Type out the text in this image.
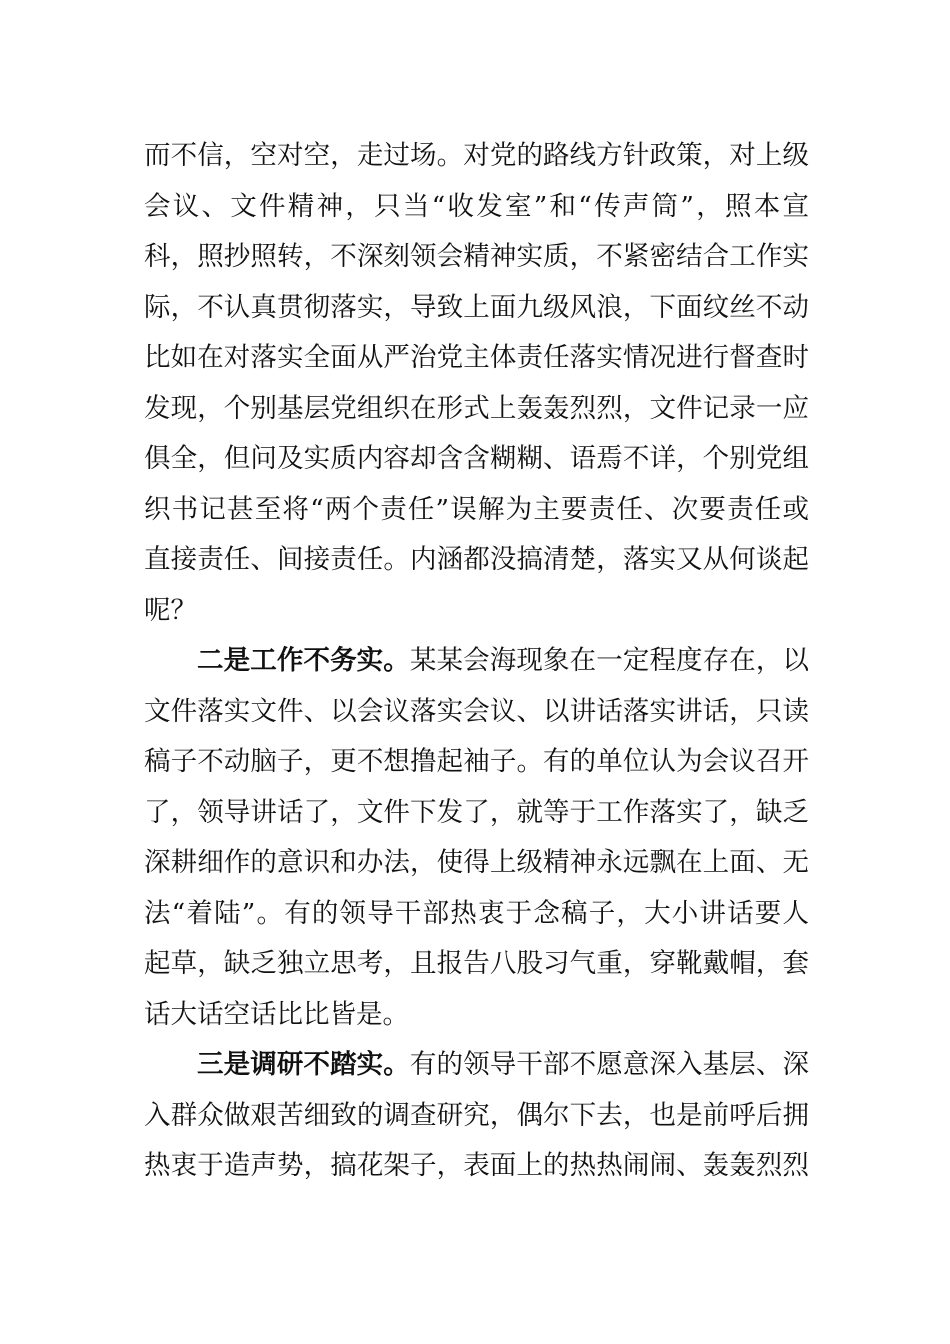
而不信，空对空，走过场。对党的路线方针政策，对上级
会议、文件精神，只当“收发室”和“传声筒”，照本宣
科，照抄照转，不深刻领会精神实质，不紧密结合工作实
际，不认真贯彻落实，导致上面九级风浪，下面纹丝不动
比如在对落实全面从严治党主体责任落实情况进行督查时
发现，个别基层党组织在形式上轰轰烈烈，文件记录一应
俱全，但问及实质内容却含含糊糊、语焉不详，个别党组
织书记甚至将“两个责任”误解为主要责任、次要责任或
直接责任、间接责任。内涵都没搞清楚，落实又从何谈起
呢？
二是工作不务实。某某会海现象在一定程度存在，以
文件落实文件、以会议落实会议、以讲话落实讲话，只读
稿子不动脑子，更不想撸起袖子。有的单位认为会议召开
了，领导讲话了，文件下发了，就等于工作落实了，缺乏
深耕细作的意识和办法，使得上级精神永远飘在上面、无
法“着陆”。有的领导干部热衷于念稿子，大小讲话要人
起草，缺乏独立思考，且报告八股习气重，穿靴戴帽，套
话大话空话比比皆是。
三是调研不踏实。有的领导干部不愿意深入基层、深
入群众做艰苦细致的调查研究，偶尔下去，也是前呼后拥
热衷于造声势，搞花架子，表面上的热热闹闹、轰轰烈烈
